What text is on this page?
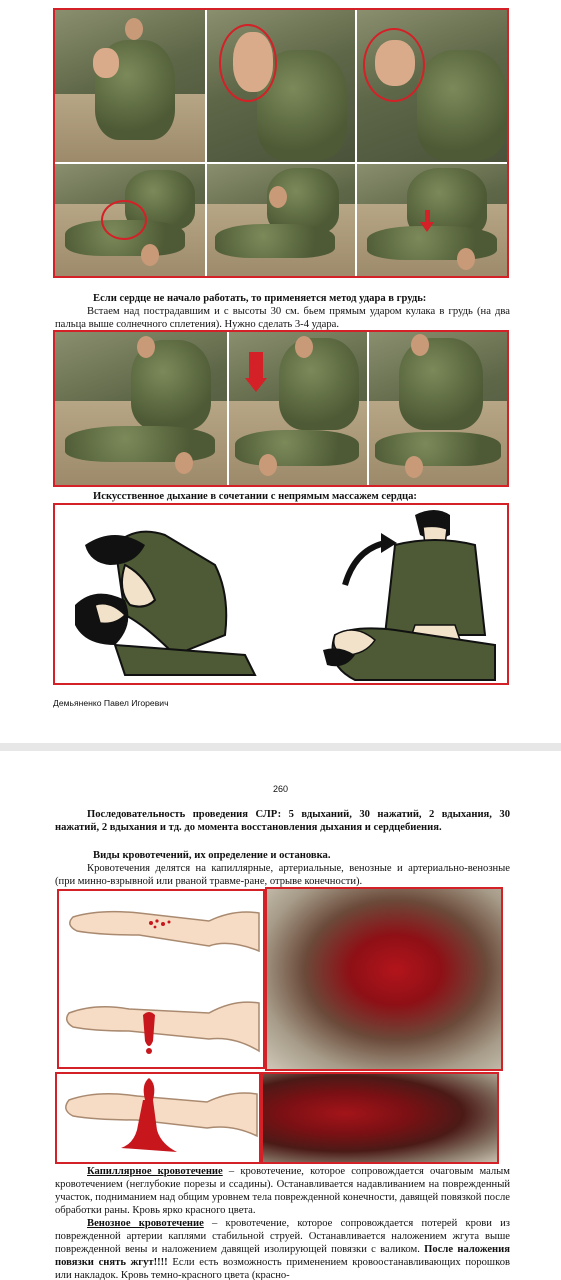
Если сердце не начало работать, то применяется метод удара в грудь:
Встаем над пострадавшим и с высоты 30 см. бьем прямым ударом кулака в грудь (на два пальца выше солнечного сплетения). Нужно сделать 3-4 удара.
Искусственное дыхание в сочетании с непрямым массажем сердца:
Демьяненко Павел Игоревич
260
Последовательность проведения СЛР: 5 вдыханий, 30 нажатий, 2 вдыхания, 30 нажатий, 2 вдыхания и тд. до момента восстановления дыхания и сердцебиения.
Виды кровотечений, их определение и остановка.
Кровотечения делятся на капиллярные, артериальные, венозные и артериально-венозные (при минно-взрывной или рваной травме-ране, отрыве конечности).
Капиллярное кровотечение – кровотечение, которое сопровождается очаговым малым кровотечением (неглубокие порезы и ссадины). Останавливается надавливанием на поврежденный участок, подниманием над общим уровнем тела поврежденной конечности, давящей повязкой после обработки раны. Кровь ярко красного цвета.
Венозное кровотечение – кровотечение, которое сопровождается потерей крови из поврежденной артерии каплями стабильной струей. Останавливается наложением жгута выше поврежденной вены и наложением давящей изолирующей повязки с валиком. После наложения повязки снять жгут!!!! Если есть возможность применением кровоостанавливающих порошков или накладок. Кровь темно-красного цвета (красно-
